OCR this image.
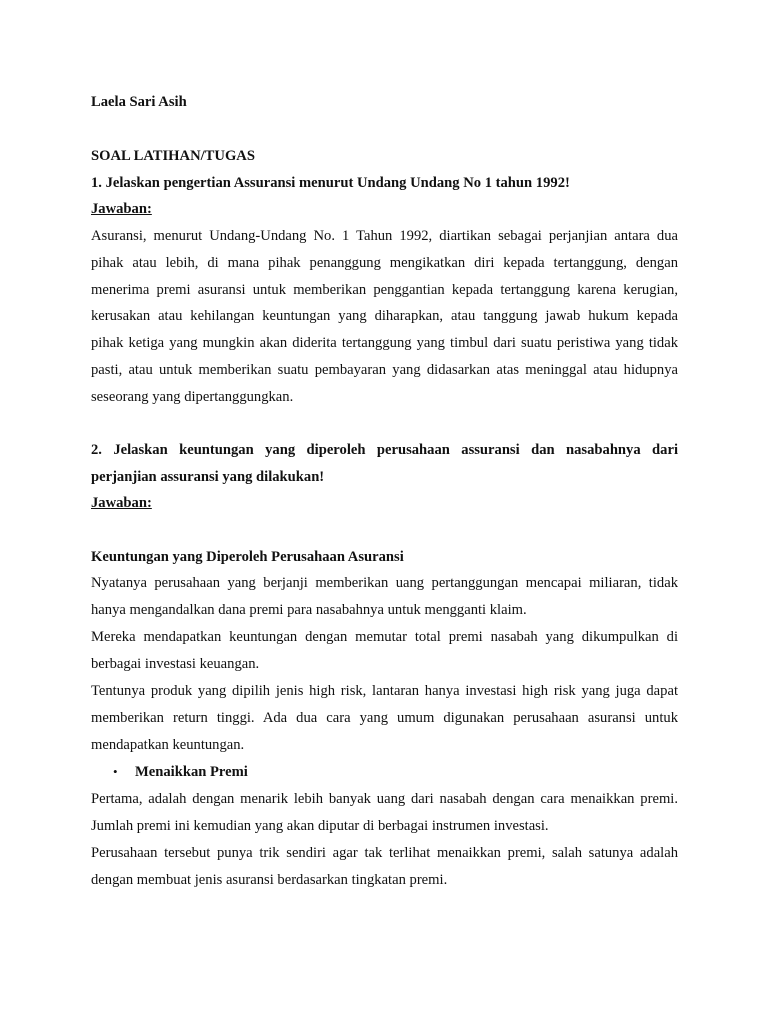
Laela Sari Asih
SOAL LATIHAN/TUGAS
1. Jelaskan pengertian Assuransi menurut Undang Undang No 1 tahun 1992!
Jawaban:
Asuransi, menurut Undang-Undang No. 1 Tahun 1992, diartikan sebagai perjanjian antara dua
pihak atau lebih, di mana pihak penanggung mengikatkan diri kepada tertanggung, dengan
menerima premi asuransi untuk memberikan penggantian kepada tertanggung karena kerugian,
kerusakan atau kehilangan keuntungan yang diharapkan, atau tanggung jawab hukum kepada
pihak ketiga yang mungkin akan diderita tertanggung yang timbul dari suatu peristiwa yang tidak
pasti, atau untuk memberikan suatu pembayaran yang didasarkan atas meninggal atau hidupnya
seseorang yang dipertanggungkan.
2. Jelaskan keuntungan yang diperoleh perusahaan assuransi dan nasabahnya dari
perjanjian assuransi yang dilakukan!
Jawaban:
Keuntungan yang Diperoleh Perusahaan Asuransi
Nyatanya perusahaan yang berjanji memberikan uang pertanggungan mencapai miliaran, tidak
hanya mengandalkan dana premi para nasabahnya untuk mengganti klaim.
Mereka mendapatkan keuntungan dengan memutar total premi nasabah yang dikumpulkan di
berbagai investasi keuangan.
Tentunya produk yang dipilih jenis high risk, lantaran hanya investasi high risk yang juga dapat
memberikan return tinggi. Ada dua cara yang umum digunakan perusahaan asuransi untuk
mendapatkan keuntungan.
• Menaikkan Premi
Pertama, adalah dengan menarik lebih banyak uang dari nasabah dengan cara menaikkan premi.
Jumlah premi ini kemudian yang akan diputar di berbagai instrumen investasi.
Perusahaan tersebut punya trik sendiri agar tak terlihat menaikkan premi, salah satunya adalah
dengan membuat jenis asuransi berdasarkan tingkatan premi.
